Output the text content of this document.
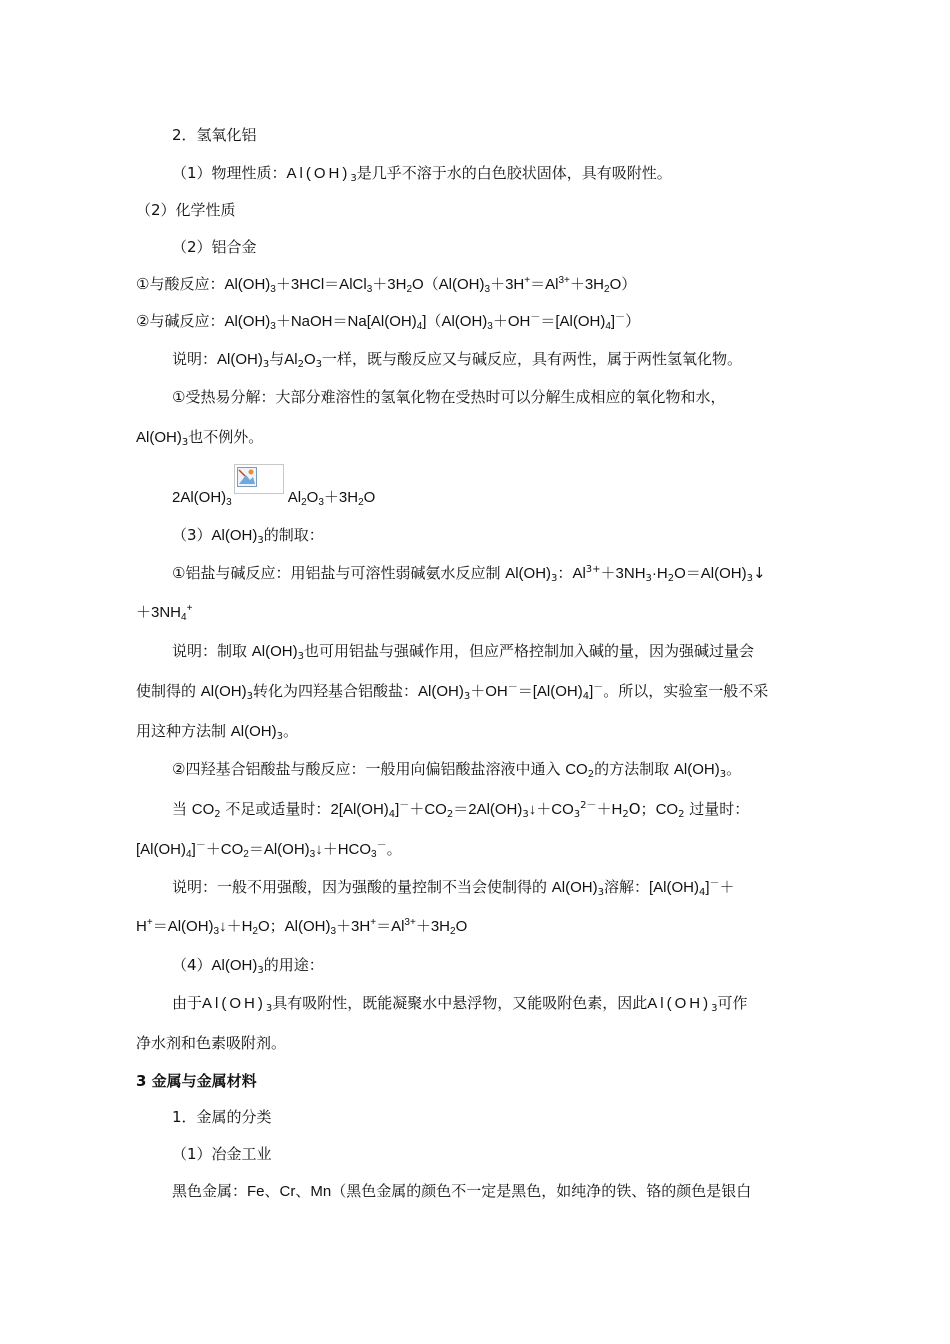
2．氢氧化铝
（1）物理性质：$Al(OH)_3$是几乎不溶于水的白色胶状固体，具有吸附性。
（2）化学性质
（2）铝合金
①与酸反应：$Al(OH)_3+3HCl=AlCl_3+3H_2O(Al(OH)_3+3H^+=Al^{3+}+3H_2O)$
②与碱反应：$Al(OH)_3+NaOH=Na[Al(OH)_4](Al(OH)_3+OH^-=[Al(OH)_4]^-)$
说明：$Al(OH)_3$与$Al_2O_3$一样，既与酸反应又与碱反应，具有两性，属于两性氢氧化物。
①受热易分解：大部分难溶性的氢氧化物在受热时可以分解生成相应的氧化物和水，
$Al(OH)_3$也不例外。
$2Al(OH)_3$	$Al_2O_3+3H_2O$
$(3)Al(OH)_3$的制取：
①铝盐与碱反应：用铝盐与可溶性弱碱氨水反应制 $Al(OH)_3$：$Al^{3+}+3NH_3\cdot H_2O=Al(OH)_3↓$
$+3NH_4^+$
说明：制取 $Al(OH)_3$也可用铝盐与强碱作用，但应严格控制加入碱的量，因为强碱过量会
使制得的 $Al(OH)_3$转化为四羟基合铝酸盐：$Al(OH)_3+OH^-=[Al(OH)_4]^-$。所以，实验室一般不采
用这种方法制 $Al(OH)_3$。
②四羟基合铝酸盐与酸反应：一般用向偏铝酸盐溶液中通入 $CO_2$的方法制取 $Al(OH)_3$。
当 $CO_2$ 不足或适量时：$2[Al(OH)_4]^-+CO_2=2Al(OH)_3↓+CO_3^{2-}+H_2O$；$CO_2$ 过量时：
$[Al(OH)_4]^-+CO_2=Al(OH)_3↓+HCO_3^-$。
说明：一般不用强酸，因为强酸的量控制不当会使制得的 $Al(OH)_3$溶解：$[Al(OH)_4]^-+$
$H^+=Al(OH)_3↓+H_2O$；$Al(OH)_3+3H^+=Al^{3+}+3H_2O$
$(4)Al(OH)_3$的用途：
由于$Al(OH)_3$具有吸附性，既能凝聚水中悬浮物，又能吸附色素，因此$Al(OH)_3$可作
净水剂和色素吸附剂。
3 金属与金属材料
1．金属的分类
（1）冶金工业
黑色金属：Fe、Cr、Mn（黑色金属的颜色不一定是黑色，如纯净的铁、铬的颜色是银白
